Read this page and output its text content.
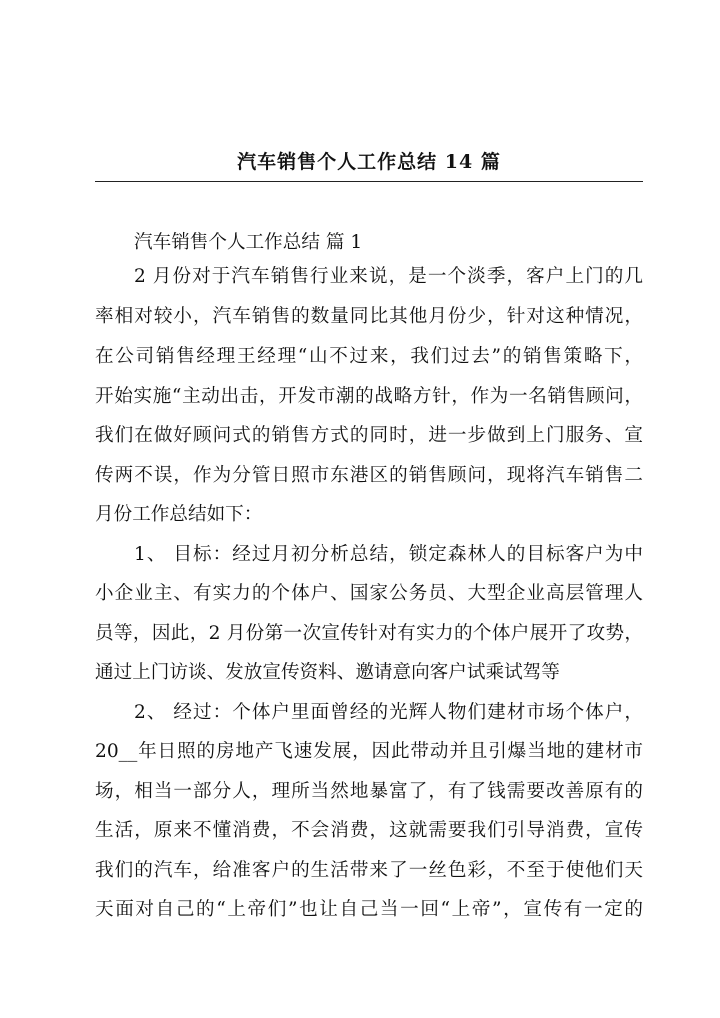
汽车销售个人工作总结 14 篇
汽车销售个人工作总结 篇 1
2 月份对于汽车销售行业来说，是一个淡季，客户上门的几
率相对较小，汽车销售的数量同比其他月份少，针对这种情况，
在公司销售经理王经理“山不过来，我们过去”的销售策略下，
开始实施“主动出击，开发市潮的战略方针，作为一名销售顾问，
我们在做好顾问式的销售方式的同时，进一步做到上门服务、宣
传两不误，作为分管日照市东港区的销售顾问，现将汽车销售二
月份工作总结如下：
1、 目标：经过月初分析总结，锁定森林人的目标客户为中
小企业主、有实力的个体户、国家公务员、大型企业高层管理人
员等，因此，2 月份第一次宣传针对有实力的个体户展开了攻势，
通过上门访谈、发放宣传资料、邀请意向客户试乘试驾等
2、 经过：个体户里面曾经的光辉人物们建材市场个体户，
20__年日照的房地产飞速发展，因此带动并且引爆当地的建材市
场，相当一部分人，理所当然地暴富了，有了钱需要改善原有的
生活，原来不懂消费，不会消费，这就需要我们引导消费，宣传
我们的汽车，给准客户的生活带来了一丝色彩，不至于使他们天
天面对自己的“上帝们”也让自己当一回“上帝”，宣传有一定的
